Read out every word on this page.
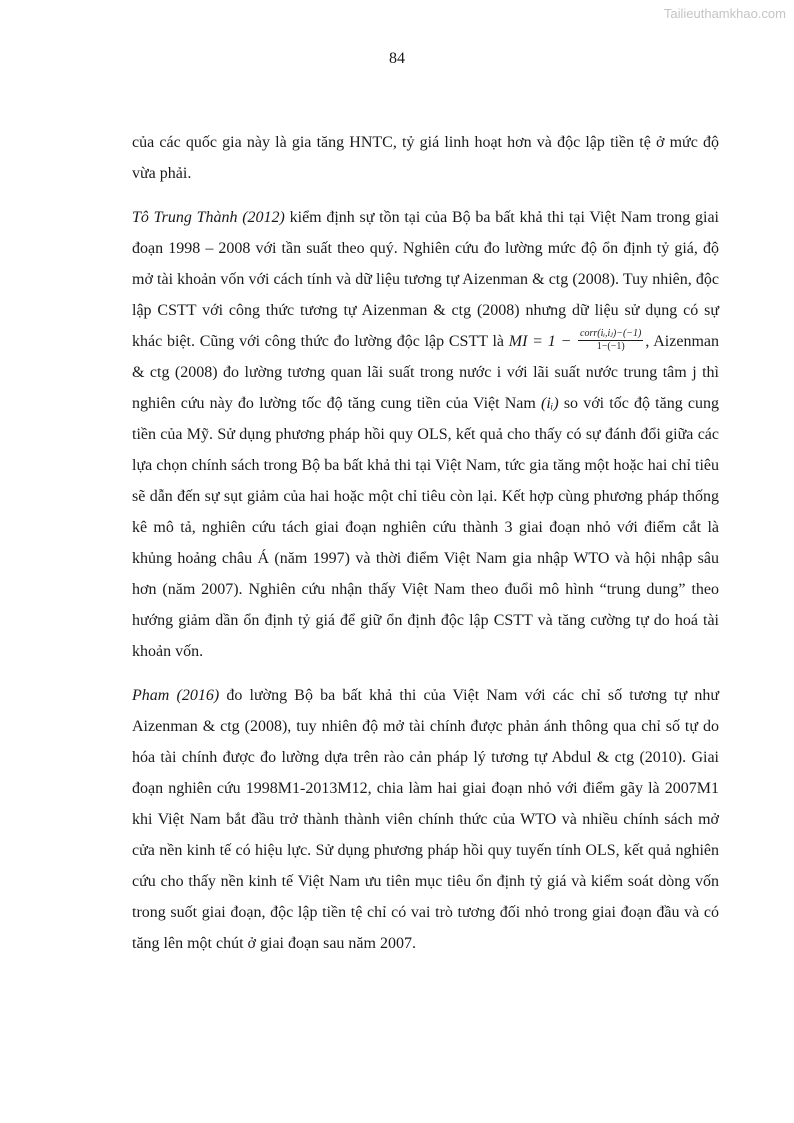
Tailieuthamkhao.com
84

của các quốc gia này là gia tăng HNTC, tỷ giá linh hoạt hơn và độc lập tiền tệ ở mức độ vừa phải.

Tô Trung Thành (2012) kiểm định sự tồn tại của Bộ ba bất khả thi tại Việt Nam trong giai đoạn 1998 – 2008 với tần suất theo quý. Nghiên cứu đo lường mức độ ổn định tỷ giá, độ mở tài khoản vốn với cách tính và dữ liệu tương tự Aizenman & ctg (2008). Tuy nhiên, độc lập CSTT với công thức tương tự Aizenman & ctg (2008) nhưng dữ liệu sử dụng có sự khác biệt. Cũng với công thức đo lường độc lập CSTT là MI = $1 - \frac{\text{corr(iᵢ,iⱼ)−(−1)}}{1-(-1)}$ , Aizenman & ctg (2008) đo lường tương quan lãi suất trong nước i với lãi suất nước trung tâm j thì nghiên cứu này đo lường tốc độ tăng cung tiền của Việt Nam (iᵢ) so với tốc độ tăng cung tiền của Mỹ. Sử dụng phương pháp hồi quy OLS, kết quả cho thấy có sự đánh đổi giữa các lựa chọn chính sách trong Bộ ba bất khả thi tại Việt Nam, tức gia tăng một hoặc hai chỉ tiêu sẽ dẫn đến sự sụt giảm của hai hoặc một chỉ tiêu còn lại. Kết hợp cùng phương pháp thống kê mô tả, nghiên cứu tách giai đoạn nghiên cứu thành 3 giai đoạn nhỏ với điểm cắt là khủng hoảng châu Á (năm 1997) và thời điểm Việt Nam gia nhập WTO và hội nhập sâu hơn (năm 2007). Nghiên cứu nhận thấy Việt Nam theo đuổi mô hình “trung dung” theo hướng giảm dần ổn định tỷ giá để giữ ổn định độc lập CSTT và tăng cường tự do hoá tài khoản vốn.

Pham (2016) đo lường Bộ ba bất khả thi của Việt Nam với các chỉ số tương tự như Aizenman & ctg (2008), tuy nhiên độ mở tài chính được phản ánh thông qua chỉ số tự do hóa tài chính được đo lường dựa trên rào cản pháp lý tương tự Abdul & ctg (2010). Giai đoạn nghiên cứu 1998M1-2013M12, chia làm hai giai đoạn nhỏ với điểm gãy là 2007M1 khi Việt Nam bắt đầu trở thành thành viên chính thức của WTO và nhiều chính sách mở cửa nền kinh tế có hiệu lực. Sử dụng phương pháp hồi quy tuyến tính OLS, kết quả nghiên cứu cho thấy nền kinh tế Việt Nam ưu tiên mục tiêu ổn định tỷ giá và kiểm soát dòng vốn trong suốt giai đoạn, độc lập tiền tệ chỉ có vai trò tương đối nhỏ trong giai đoạn đầu và có tăng lên một chút ở giai đoạn sau năm 2007.
